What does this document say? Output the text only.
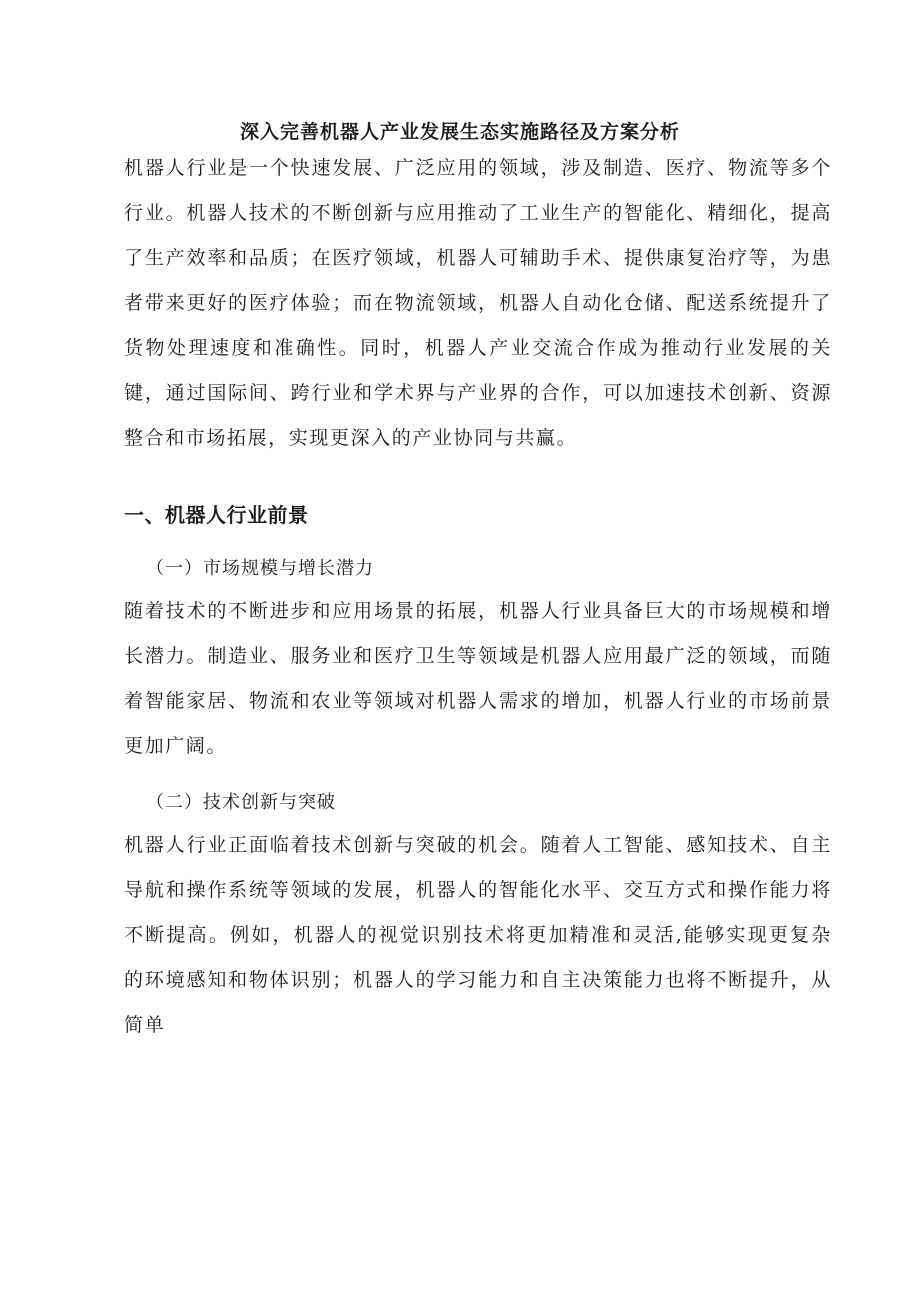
深入完善机器人产业发展生态实施路径及方案分析

机器人行业是一个快速发展、广泛应用的领域，涉及制造、医疗、物流等多个行业。机器人技术的不断创新与应用推动了工业生产的智能化、精细化，提高了生产效率和品质；在医疗领域，机器人可辅助手术、提供康复治疗等，为患者带来更好的医疗体验；而在物流领域，机器人自动化仓储、配送系统提升了货物处理速度和准确性。同时，机器人产业交流合作成为推动行业发展的关键，通过国际间、跨行业和学术界与产业界的合作，可以加速技术创新、资源整合和市场拓展，实现更深入的产业协同与共赢。

一、机器人行业前景
（一）市场规模与增长潜力

随着技术的不断进步和应用场景的拓展，机器人行业具备巨大的市场规模和增长潜力。制造业、服务业和医疗卫生等领域是机器人应用最广泛的领域，而随着智能家居、物流和农业等领域对机器人需求的增加，机器人行业的市场前景更加广阔。

（二）技术创新与突破

机器人行业正面临着技术创新与突破的机会。随着人工智能、感知技术、自主导航和操作系统等领域的发展，机器人的智能化水平、交互方式和操作能力将不断提高。例如，机器人的视觉识别技术将更加精准和灵活,能够实现更复杂的环境感知和物体识别；机器人的学习能力和自主决策能力也将不断提升，从简单
